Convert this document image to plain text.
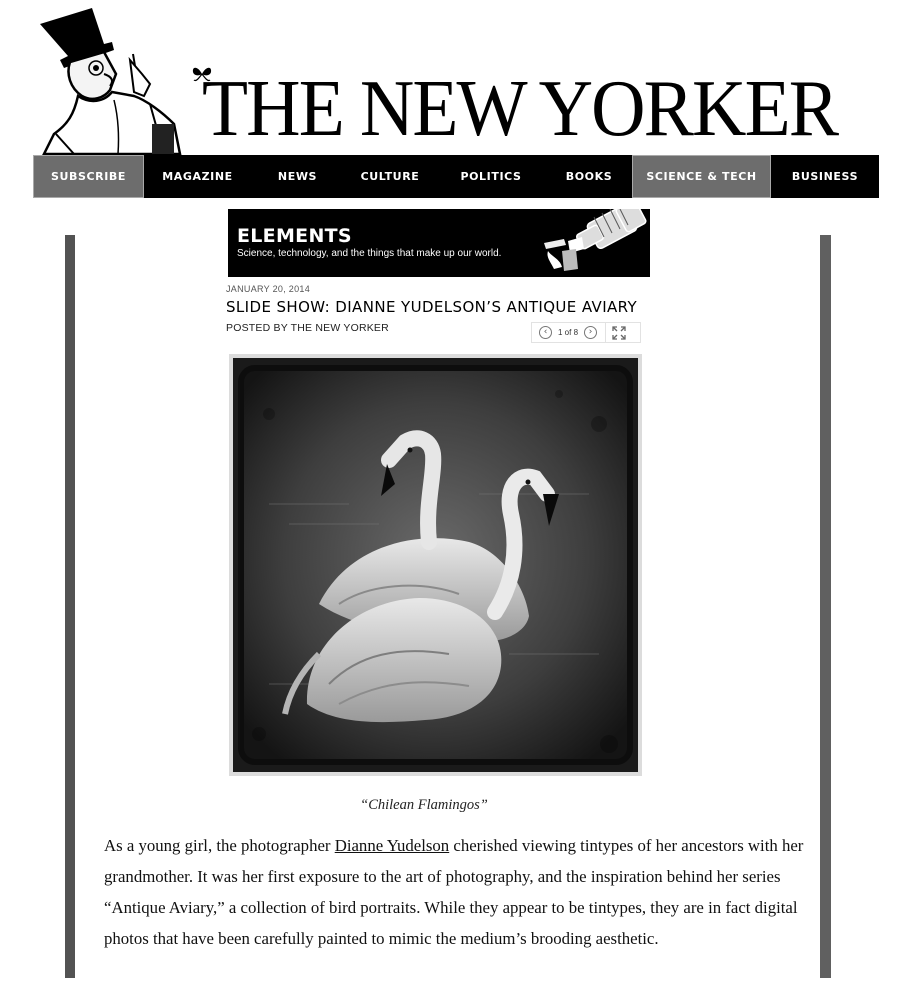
THE NEW YORKER
SUBSCRIBE	MAGAZINE	NEWS	CULTURE	POLITICS	BOOKS	SCIENCE & TECH	BUSINESS
ELEMENTS
Science, technology, and the things that make up our world.
JANUARY 20, 2014
SLIDE SHOW: DIANNE YUDELSON’S ANTIQUE AVIARY
POSTED BY THE NEW YORKER	‹	1 of 8	›
“Chilean Flamingos”
As a young girl, the photographer Dianne Yudelson cherished viewing tintypes of her ancestors with her grandmother. It was her first exposure to the art of photography, and the inspiration behind her series “Antique Aviary,” a collection of bird portraits. While they appear to be tintypes, they are in fact digital photos that have been carefully painted to mimic the medium’s brooding aesthetic.
